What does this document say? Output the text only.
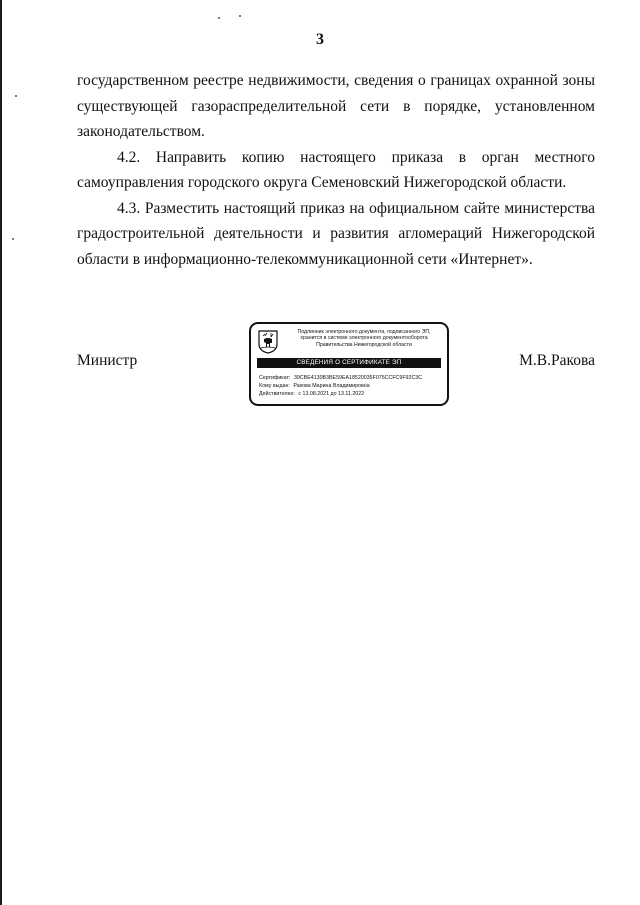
3

государственном реестре недвижимости, сведения о границах охранной зоны
существующей газораспределительной сети в порядке, установленном
законодательством.

4.2. Направить копию настоящего приказа в орган местного
самоуправления городского округа Семеновский Нижегородской области.

4.3. Разместить настоящий приказ на официальном сайте министерства
градостроительной деятельности и развития агломераций Нижегородской
области в информационно-телекоммуникационной сети «Интернет».

Министр	М.В.Ракова
Подлинник электронного документа, подписанного ЭП,
хранится в системе электронного документооборота
Правительства Нижегородской области
СВЕДЕНИЯ О СЕРТИФИКАТЕ ЭП
Сертификат: 39CBE4130B3BE59EA18520035F075CCFC9F92C3C
Кому выдан: Ракова Марина Владимировна
Действителен: с 13.08.2021 до 13.11.2022
